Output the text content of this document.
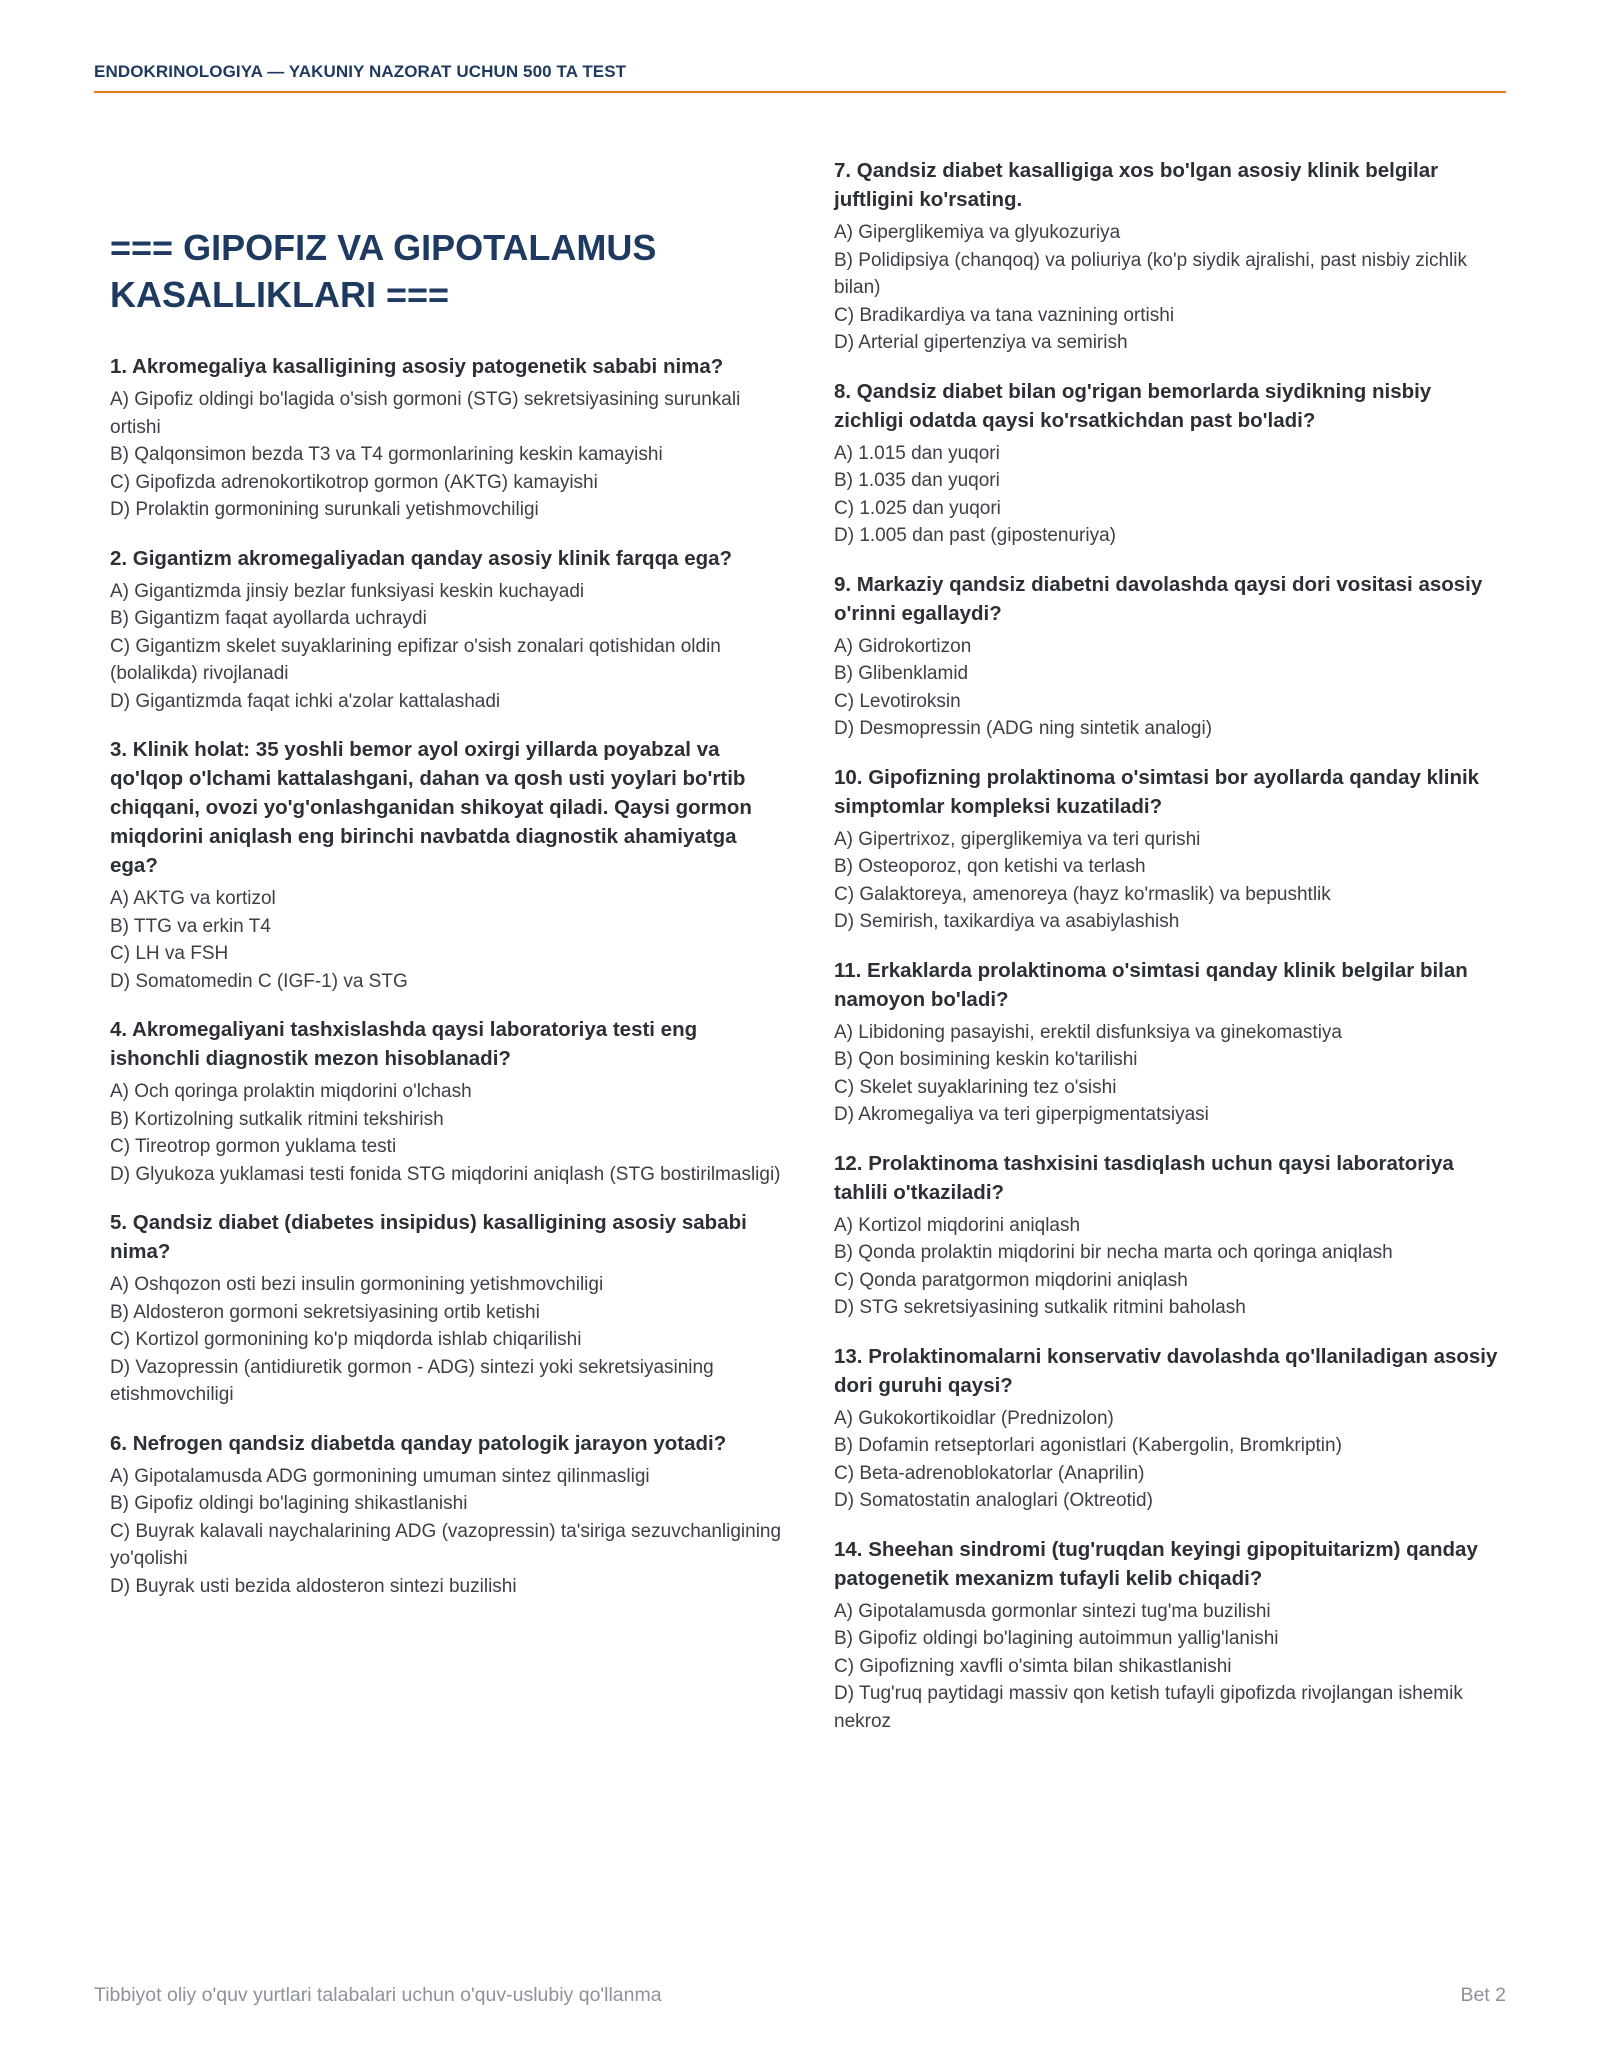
ENDOKRINOLOGIYA — YAKUNIY NAZORAT UCHUN 500 TA TEST
=== GIPOFIZ VA GIPOTALAMUS KASALLIKLARI ===
1. Akromegaliya kasalligining asosiy patogenetik sababi nima?
A) Gipofiz oldingi bo'lagida o'sish gormoni (STG) sekretsiyasining surunkali ortishi
B) Qalqonsimon bezda T3 va T4 gormonlarining keskin kamayishi
C) Gipofizda adrenokortikotrop gormon (AKTG) kamayishi
D) Prolaktin gormonining surunkali yetishmovchiligi
2. Gigantizm akromegaliyadan qanday asosiy klinik farqqa ega?
A) Gigantizmda jinsiy bezlar funksiyasi keskin kuchayadi
B) Gigantizm faqat ayollarda uchraydi
C) Gigantizm skelet suyaklarining epifizar o'sish zonalari qotishidan oldin (bolalikda) rivojlanadi
D) Gigantizmda faqat ichki a'zolar kattalashadi
3. Klinik holat: 35 yoshli bemor ayol oxirgi yillarda poyabzal va qo'lqop o'lchami kattalashgani, dahan va qosh usti yoylari bo'rtib chiqqani, ovozi yo'g'onlashganidan shikoyat qiladi. Qaysi gormon miqdorini aniqlash eng birinchi navbatda diagnostik ahamiyatga ega?
A) AKTG va kortizol
B) TTG va erkin T4
C) LH va FSH
D) Somatomedin C (IGF-1) va STG
4. Akromegaliyani tashxislashda qaysi laboratoriya testi eng ishonchli diagnostik mezon hisoblanadi?
A) Och qoringa prolaktin miqdorini o'lchash
B) Kortizolning sutkalik ritmini tekshirish
C) Tireotrop gormon yuklama testi
D) Glyukoza yuklamasi testi fonida STG miqdorini aniqlash (STG bostirilmasligi)
5. Qandsiz diabet (diabetes insipidus) kasalligining asosiy sababi nima?
A) Oshqozon osti bezi insulin gormonining yetishmovchiligi
B) Aldosteron gormoni sekretsiyasining ortib ketishi
C) Kortizol gormonining ko'p miqdorda ishlab chiqarilishi
D) Vazopressin (antidiuretik gormon - ADG) sintezi yoki sekretsiyasining etishmovchiligi
6. Nefrogen qandsiz diabetda qanday patologik jarayon yotadi?
A) Gipotalamusda ADG gormonining umuman sintez qilinmasligi
B) Gipofiz oldingi bo'lagining shikastlanishi
C) Buyrak kalavali naychalarining ADG (vazopressin) ta'siriga sezuvchanligining yo'qolishi
D) Buyrak usti bezida aldosteron sintezi buzilishi
7. Qandsiz diabet kasalligiga xos bo'lgan asosiy klinik belgilar juftligini ko'rsating.
A) Giperglikemiya va glyukozuriya
B) Polidipsiya (chanqoq) va poliuriya (ko'p siydik ajralishi, past nisbiy zichlik bilan)
C) Bradikardiya va tana vaznining ortishi
D) Arterial gipertenziya va semirish
8. Qandsiz diabet bilan og'rigan bemorlarda siydikning nisbiy zichligi odatda qaysi ko'rsatkichdan past bo'ladi?
A) 1.015 dan yuqori
B) 1.035 dan yuqori
C) 1.025 dan yuqori
D) 1.005 dan past (gipostenuriya)
9. Markaziy qandsiz diabetni davolashda qaysi dori vositasi asosiy o'rinni egallaydi?
A) Gidrokortizon
B) Glibenklamid
C) Levotiroksin
D) Desmopressin (ADG ning sintetik analogi)
10. Gipofizning prolaktinoma o'simtasi bor ayollarda qanday klinik simptomlar kompleksi kuzatiladi?
A) Gipertrixoz, giperglikemiya va teri qurishi
B) Osteoporoz, qon ketishi va terlash
C) Galaktoreya, amenoreya (hayz ko'rmaslik) va bepushtlik
D) Semirish, taxikardiya va asabiylashish
11. Erkaklarda prolaktinoma o'simtasi qanday klinik belgilar bilan namoyon bo'ladi?
A) Libidoning pasayishi, erektil disfunksiya va ginekomastiya
B) Qon bosimining keskin ko'tarilishi
C) Skelet suyaklarining tez o'sishi
D) Akromegaliya va teri giperpigmentatsiyasi
12. Prolaktinoma tashxisini tasdiqlash uchun qaysi laboratoriya tahlili o'tkaziladi?
A) Kortizol miqdorini aniqlash
B) Qonda prolaktin miqdorini bir necha marta och qoringa aniqlash
C) Qonda paratgormon miqdorini aniqlash
D) STG sekretsiyasining sutkalik ritmini baholash
13. Prolaktinomalarni konservativ davolashda qo'llaniladigan asosiy dori guruhi qaysi?
A) Gukokortikoidlar (Prednizolon)
B) Dofamin retseptorlari agonistlari (Kabergolin, Bromkriptin)
C) Beta-adrenoblokatorlar (Anaprilin)
D) Somatostatin analoglari (Oktreotid)
14. Sheehan sindromi (tug'ruqdan keyingi gipopituitarizm) qanday patogenetik mexanizm tufayli kelib chiqadi?
A) Gipotalamusda gormonlar sintezi tug'ma buzilishi
B) Gipofiz oldingi bo'lagining autoimmun yallig'lanishi
C) Gipofizning xavfli o'simta bilan shikastlanishi
D) Tug'ruq paytidagi massiv qon ketish tufayli gipofizda rivojlangan ishemik nekroz
Tibbiyot oliy o'quv yurtlari talabalari uchun o'quv-uslubiy qo'llanma	Bet 2
